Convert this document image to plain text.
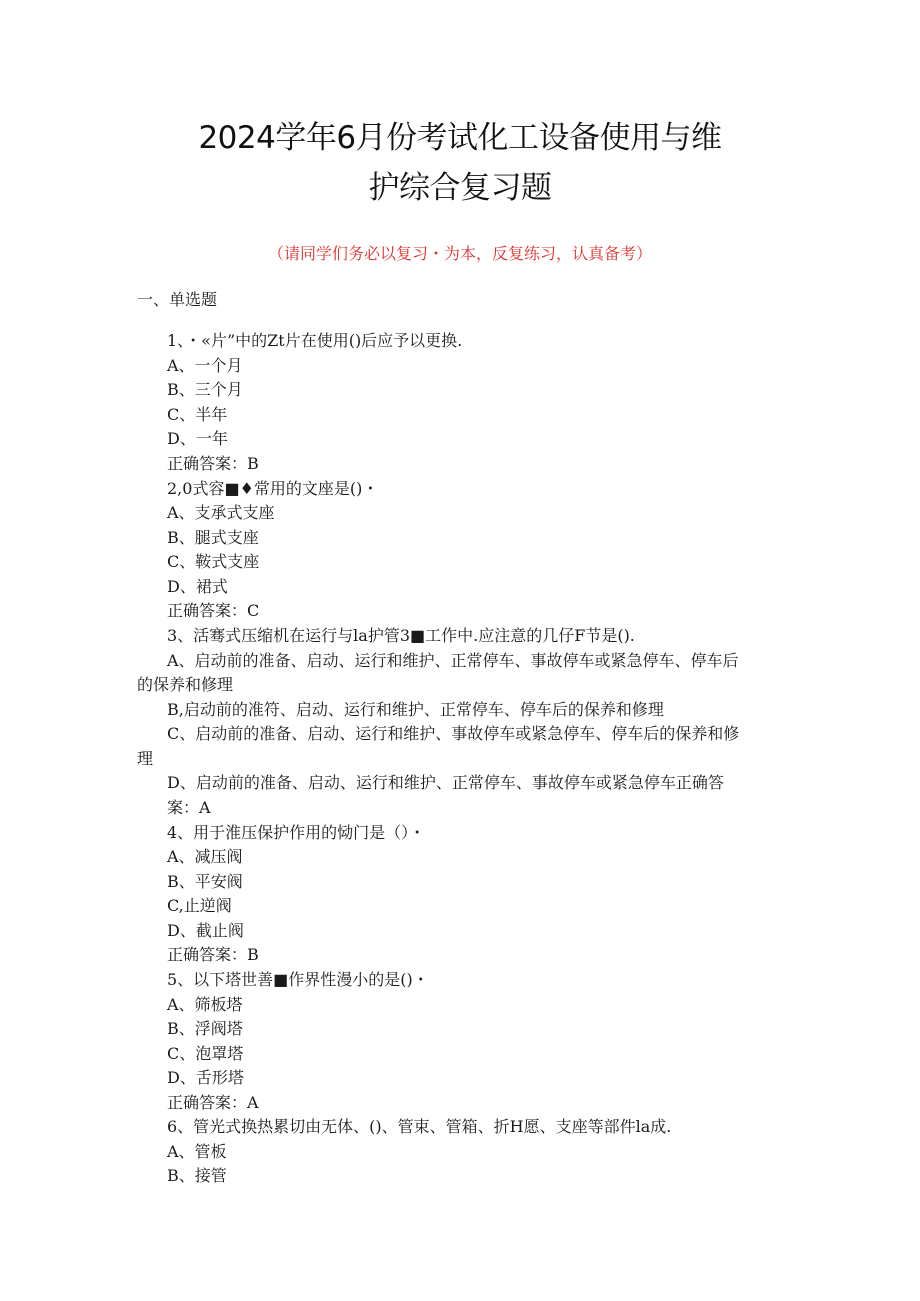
2024学年6月份考试化工设备使用与维
护综合复习题
（请同学们务必以复习・为本，反复练习，认真备考）
一、单选题
1、・«片”中的Zt片在使用()后应予以更换.
A、一个月
B、三个月
C、半年
D、一年
正确答案：B
2,0式容■♦常用的文座是()・
A、支承式支座
B、腿式支座
C、鞍式支座
D、裙式
正确答案：C
3、活骞式压缩机在运行与la护管3■工作中.应注意的几仔F节是().
A、启动前的准备、启动、运行和维护、正常停车、事故停车或紧急停车、停车后
的保养和修理
B,启动前的准符、启动、运行和维护、正常停车、停车后的保养和修理
C、启动前的准备、启动、运行和维护、事故停车或紧急停车、停车后的保养和修
理
D、启动前的准备、启动、运行和维护、正常停车、事故停车或紧急停车正确答
案：A
4、用于淮压保护作用的恸门是（）・
A、减压阀
B、平安阀
C,止逆阀
D、截止阀
正确答案：B
5、以下塔世善■作界性漫小的是()・
A、筛板塔
B、浮阀塔
C、泡罩塔
D、舌形塔
正确答案：A
6、管光式换热累切由无体、()、管束、管箱、折H愿、支座等部件la成.
A、管板
B、接管
